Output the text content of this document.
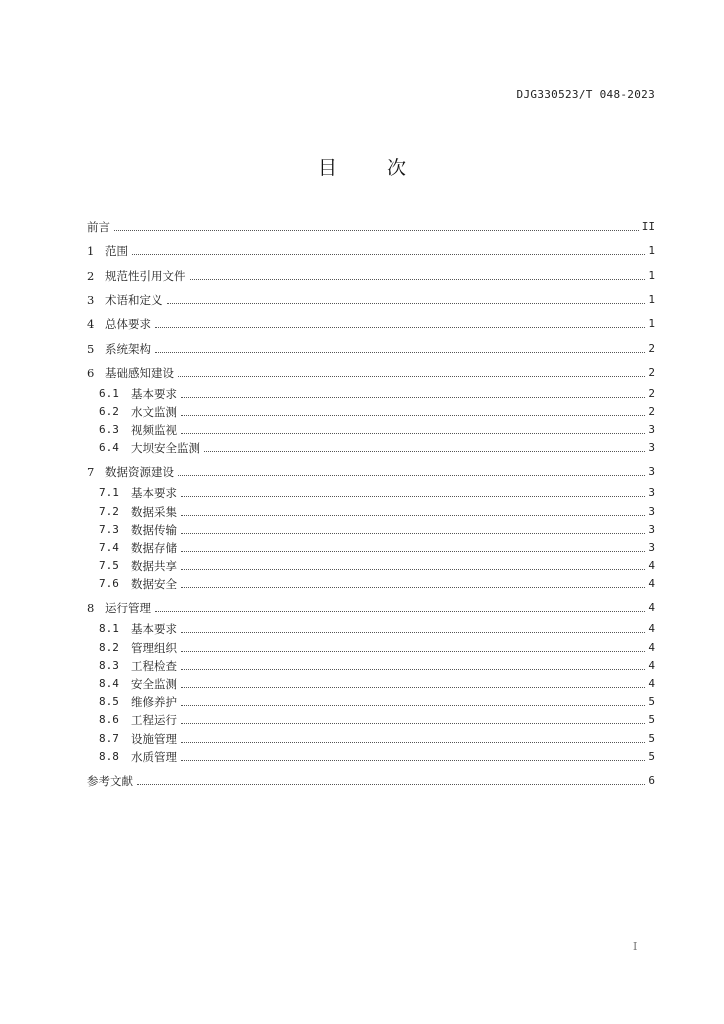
DJG330523/T 048-2023
目 次
前言	II
1 范围	1
2 规范性引用文件	1
3 术语和定义	1
4 总体要求	1
5 系统架构	2
6 基础感知建设	2
6.1	基本要求	2
6.2	水文监测	2
6.3	视频监视	3
6.4	大坝安全监测	3
7 数据资源建设	3
7.1	基本要求	3
7.2	数据采集	3
7.3	数据传输	3
7.4	数据存储	3
7.5	数据共享	4
7.6	数据安全	4
8 运行管理	4
8.1	基本要求	4
8.2	管理组织	4
8.3	工程检查	4
8.4	安全监测	4
8.5	维修养护	5
8.6	工程运行	5
8.7	设施管理	5
8.8	水质管理	5
参考文献	6
I
